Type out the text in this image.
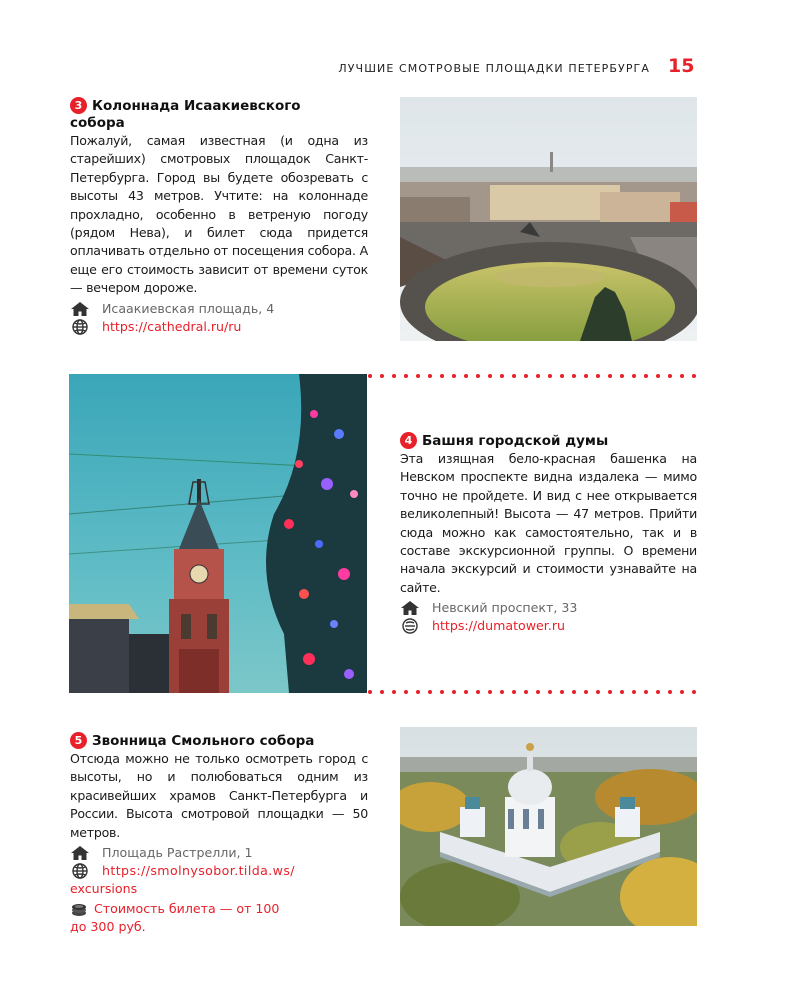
ЛУЧШИЕ СМОТРОВЫЕ ПЛОЩАДКИ ПЕТЕРБУРГА 15
3 Колоннада Исаакиевского
собора
Пожалуй, самая известная (и одна из старейших) смотровых площадок Санкт-Петербурга. Город вы будете обозревать с высоты 43 метров. Учтите: на колоннаде прохладно, особенно в ветреную погоду (рядом Нева), и билет сюда придется оплачивать отдельно от посещения собора. А еще его стоимость зависит от времени суток — вечером дороже.
Исаакиевская площадь, 4
https://cathedral.ru/ru
4 Башня городской думы
Эта изящная бело-красная башенка на Невском проспекте видна издалека — мимо точно не пройдете. И вид с нее открывается великолепный! Высота — 47 метров. Прийти сюда можно как самостоятельно, так и в составе экскурсионной группы. О времени начала экскурсий и стоимости узнавайте на сайте.
Невский проспект, 33
https://dumatower.ru
5 Звонница Смольного собора
Отсюда можно не только осмотреть город с высоты, но и полюбоваться одним из красивейших храмов Санкт-Петербурга и России. Высота смотровой площадки — 50 метров.
Площадь Растрелли, 1
https://smolnysobor.tilda.ws/
excursions
Стоимость билета — от 100
до 300 руб.
